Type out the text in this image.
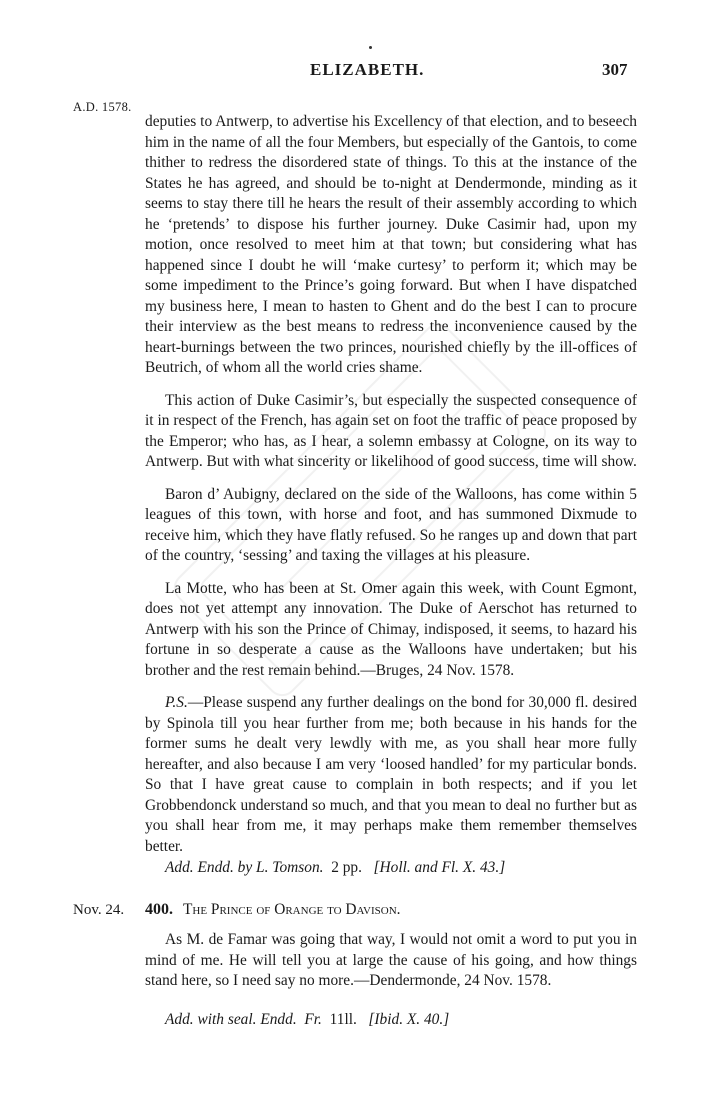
ELIZABETH.	307
A.D. 1578.

deputies to Antwerp, to advertise his Excellency of that election, and to beseech him in the name of all the four Members, but especially of the Gantois, to come thither to redress the disordered state of things. To this at the instance of the States he has agreed, and should be to-night at Dendermonde, minding as it seems to stay there till he hears the result of their assembly according to which he ‘pretends’ to dispose his further journey. Duke Casimir had, upon my motion, once resolved to meet him at that town; but considering what has happened since I doubt he will ‘make curtesy’ to perform it; which may be some impediment to the Prince’s going forward. But when I have dispatched my business here, I mean to hasten to Ghent and do the best I can to procure their interview as the best means to redress the inconvenience caused by the heart-burnings between the two princes, nourished chiefly by the ill-offices of Beutrich, of whom all the world cries shame.

This action of Duke Casimir’s, but especially the suspected consequence of it in respect of the French, has again set on foot the traffic of peace proposed by the Emperor; who has, as I hear, a solemn embassy at Cologne, on its way to Antwerp. But with what sincerity or likelihood of good success, time will show.

Baron d’ Aubigny, declared on the side of the Walloons, has come within 5 leagues of this town, with horse and foot, and has summoned Dixmude to receive him, which they have flatly refused. So he ranges up and down that part of the country, ‘sessing’ and taxing the villages at his pleasure.

La Motte, who has been at St. Omer again this week, with Count Egmont, does not yet attempt any innovation. The Duke of Aerschot has returned to Antwerp with his son the Prince of Chimay, indisposed, it seems, to hazard his fortune in so desperate a cause as the Walloons have undertaken; but his brother and the rest remain behind.—Bruges, 24 Nov. 1578.

P.S.—Please suspend any further dealings on the bond for 30,000 fl. desired by Spinola till you hear further from me; both because in his hands for the former sums he dealt very lewdly with me, as you shall hear more fully hereafter, and also because I am very ‘loosed handled’ for my particular bonds. So that I have great cause to complain in both respects; and if you let Grobbendonck understand so much, and that you mean to deal no further but as you shall hear from me, it may perhaps make them remember themselves better.

Add. Endd. by L. Tomson. 2 pp. [Holl. and Fl. X. 43.]
Nov. 24. 400. The Prince of Orange to Davison.

As M. de Famar was going that way, I would not omit a word to put you in mind of me. He will tell you at large the cause of his going, and how things stand here, so I need say no more.—Dendermonde, 24 Nov. 1578.

Add. with seal. Endd. Fr. 11ll. [Ibid. X. 40.]
